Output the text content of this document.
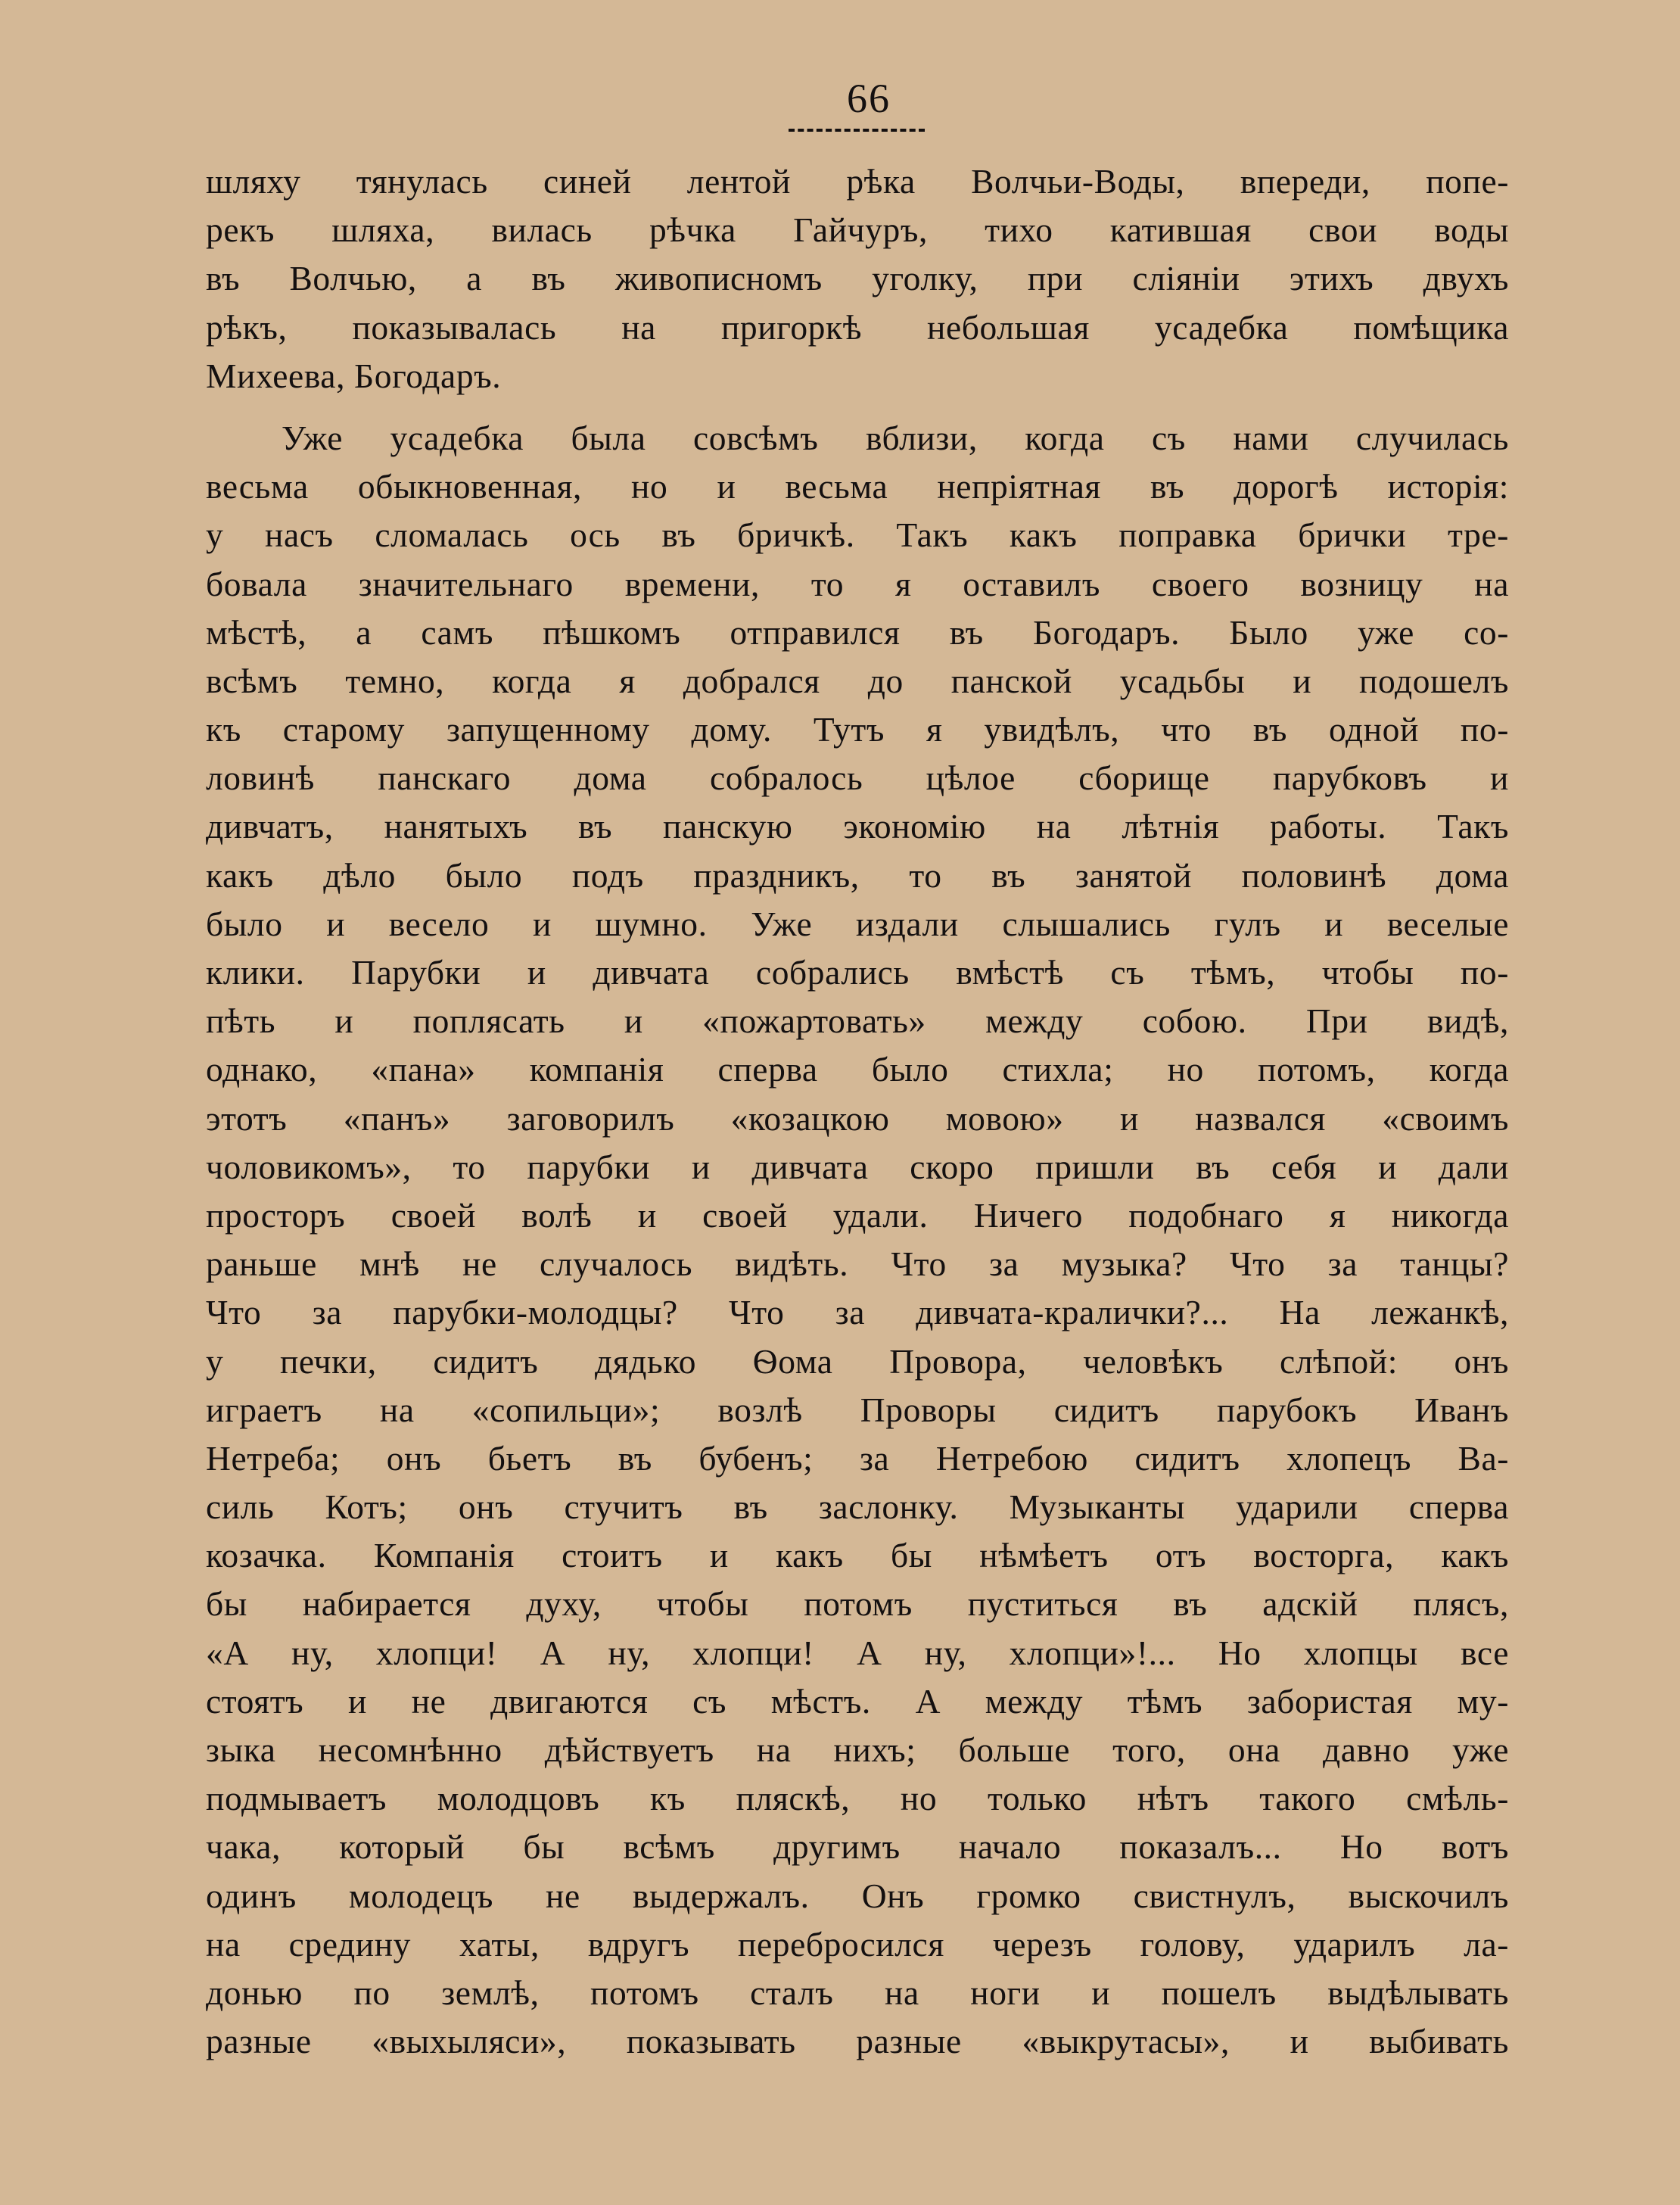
66
шляху тянулась синей лентой рѣка Волчьи-Воды, впереди, попе-
рекъ шляха, вилась рѣчка Гайчуръ, тихо катившая свои воды
въ Волчью, а въ живописномъ уголку, при сліяніи этихъ двухъ
рѣкъ, показывалась на пригоркѣ небольшая усадебка помѣщика
Михеева, Богодаръ.
Уже усадебка была совсѣмъ вблизи, когда съ нами случилась
весьма обыкновенная, но и весьма непріятная въ дорогѣ исторія:
у насъ сломалась ось въ бричкѣ. Такъ какъ поправка брички тре-
бовала значительнаго времени, то я оставилъ своего возницу на
мѣстѣ, а самъ пѣшкомъ отправился въ Богодаръ. Было уже со-
всѣмъ темно, когда я добрался до панской усадьбы и подошелъ
къ старому запущенному дому. Тутъ я увидѣлъ, что въ одной по-
ловинѣ панскаго дома собралось цѣлое сборище парубковъ и
дивчатъ, нанятыхъ въ панскую экономію на лѣтнія работы. Такъ
какъ дѣло было подъ праздникъ, то въ занятой половинѣ дома
было и весело и шумно. Уже издали слышались гулъ и веселые
клики. Парубки и дивчата собрались вмѣстѣ съ тѣмъ, чтобы по-
пѣть и поплясать и «пожартовать» между собою. При видѣ,
однако, «пана» компанія сперва было стихла; но потомъ, когда
этотъ «панъ» заговорилъ «козацкою мовою» и назвался «своимъ
чоловикомъ», то парубки и дивчата скоро пришли въ себя и дали
просторъ своей волѣ и своей удали. Ничего подобнаго я никогда
раньше мнѣ не случалось видѣть. Что за музыка? Что за танцы?
Что за парубки-молодцы? Что за дивчата-кралички?... На лежанкѣ,
у печки, сидитъ дядько Ѳома Провора, человѣкъ слѣпой: онъ
играетъ на «сопильци»; возлѣ Проворы сидитъ парубокъ Иванъ
Нетреба; онъ бьетъ въ бубенъ; за Нетребою сидитъ хлопецъ Ва-
силь Котъ; онъ стучитъ въ заслонку. Музыканты ударили сперва
козачка. Компанія стоитъ и какъ бы нѣмѣетъ отъ восторга, какъ
бы набирается духу, чтобы потомъ пуститься въ адскій плясъ,
«А ну, хлопци! А ну, хлопци! А ну, хлопци»!... Но хлопцы все
стоятъ и не двигаются съ мѣстъ. А между тѣмъ забористая му-
зыка несомнѣнно дѣйствуетъ на нихъ; больше того, она давно уже
подмываетъ молодцовъ къ пляскѣ, но только нѣтъ такого смѣль-
чака, который бы всѣмъ другимъ начало показалъ... Но вотъ
одинъ молодецъ не выдержалъ. Онъ громко свистнулъ, выскочилъ
на средину хаты, вдругъ перебросился черезъ голову, ударилъ ла-
донью по землѣ, потомъ сталъ на ноги и пошелъ выдѣлывать
разные «выхыляси», показывать разные «выкрутасы», и выбивать
